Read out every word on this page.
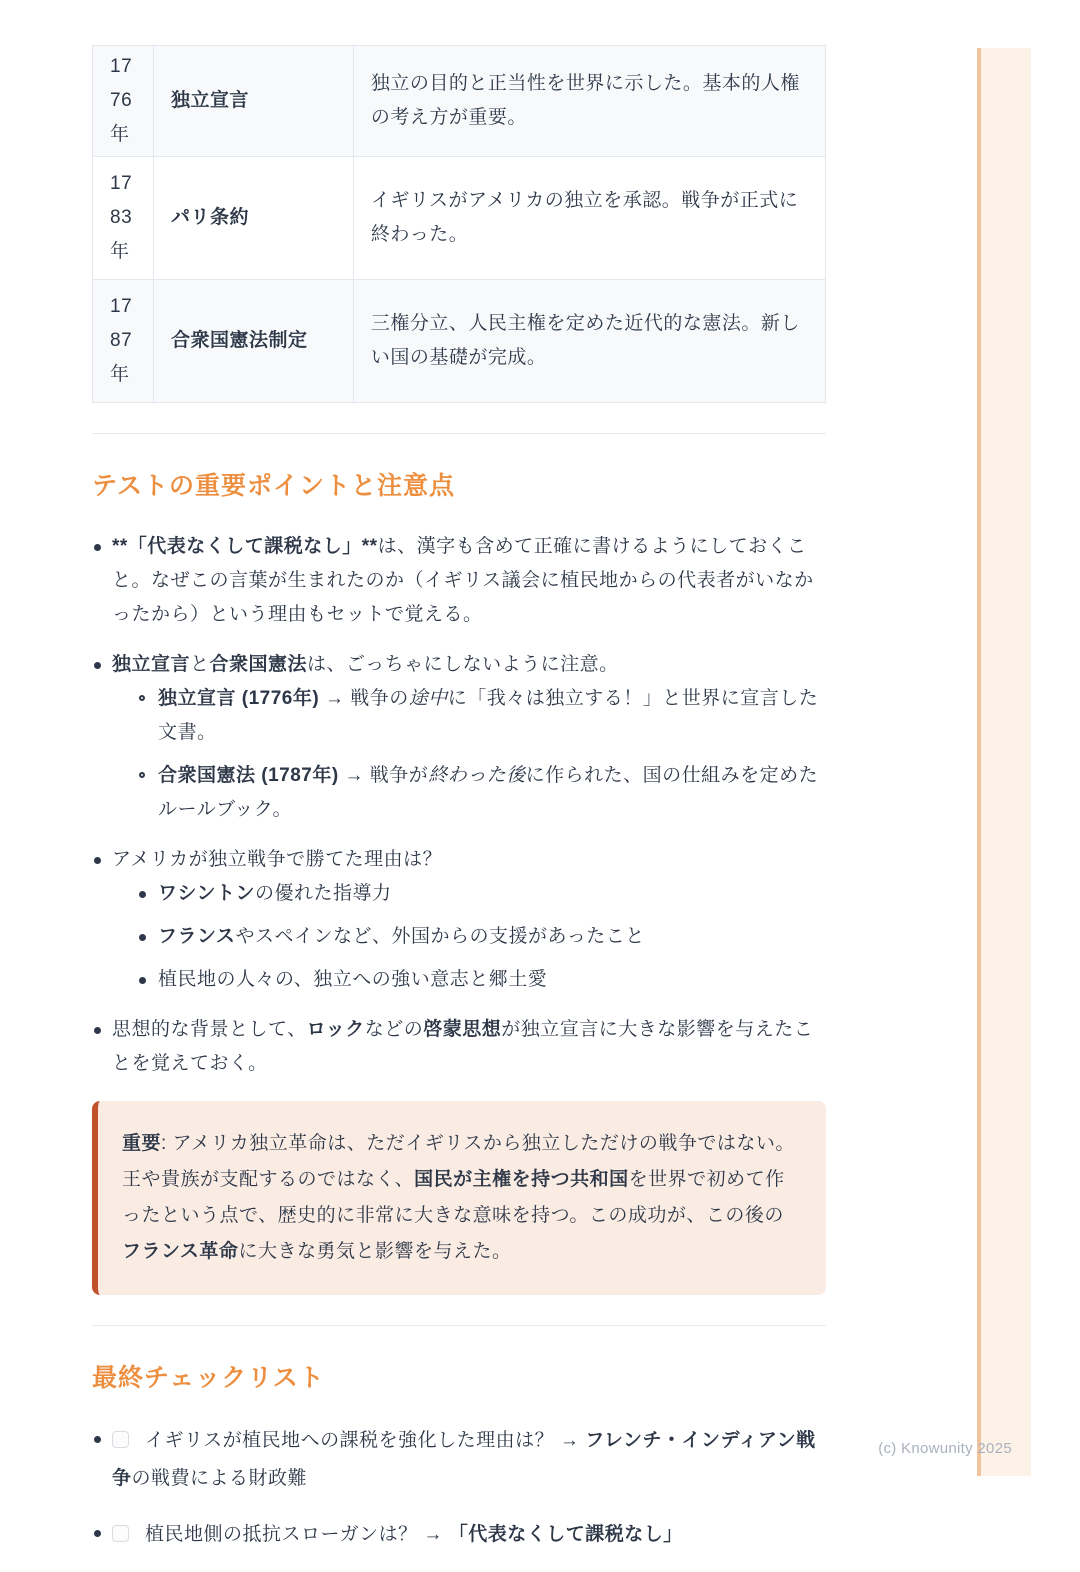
1776年	独立宣言	独立の目的と正当性を世界に示した。基本的人権の考え方が重要。
1783年	パリ条約	イギリスがアメリカの独立を承認。戦争が正式に終わった。
1787年	合衆国憲法制定	三権分立、人民主権を定めた近代的な憲法。新しい国の基礎が完成。
テストの重要ポイントと注意点
**「代表なくして課税なし」**は、漢字も含めて正確に書けるようにしておくこと。なぜこの言葉が生まれたのか（イギリス議会に植民地からの代表者がいなかったから）という理由もセットで覚える。
独立宣言と合衆国憲法は、ごっちゃにしないように注意。
独立宣言 (1776年) → 戦争の途中に「我々は独立する！」と世界に宣言した文書。
合衆国憲法 (1787年) → 戦争が終わった後に作られた、国の仕組みを定めたルールブック。
アメリカが独立戦争で勝てた理由は？
ワシントンの優れた指導力
フランスやスペインなど、外国からの支援があったこと
植民地の人々の、独立への強い意志と郷土愛
思想的な背景として、ロックなどの啓蒙思想が独立宣言に大きな影響を与えたことを覚えておく。

重要: アメリカ独立革命は、ただイギリスから独立しただけの戦争ではない。王や貴族が支配するのではなく、国民が主権を持つ共和国を世界で初めて作ったという点で、歴史的に非常に大きな意味を持つ。この成功が、この後のフランス革命に大きな勇気と影響を与えた。

最終チェックリスト
イギリスが植民地への課税を強化した理由は？ → フレンチ・インディアン戦争の戦費による財政難
植民地側の抵抗スローガンは？ → 「代表なくして課税なし」
(c) Knowunity 2025
